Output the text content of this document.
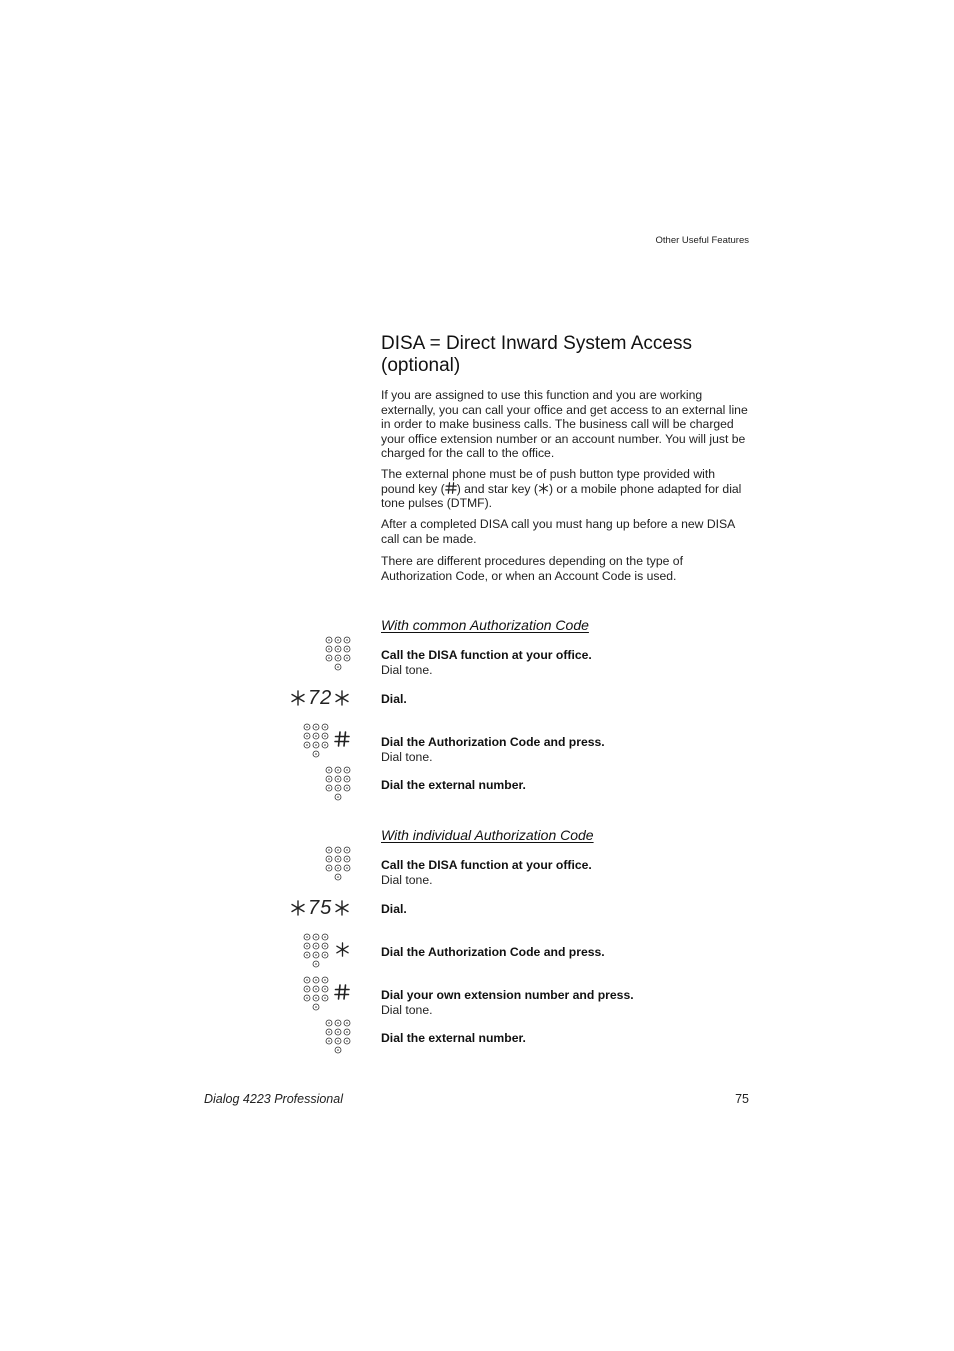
Other Useful Features
DISA = Direct Inward System Access (optional)

If you are assigned to use this function and you are working externally, you can call your office and get access to an external line in order to make business calls. The business call will be charged your office extension number or an account number. You will just be charged for the call to the office.

The external phone must be of push button type provided with pound key ( ) and star key ( ) or a mobile phone adapted for dial tone pulses (DTMF).

After a completed DISA call you must hang up before a new DISA call can be made.

There are different procedures depending on the type of Authorization Code, or when an Account Code is used.

With common Authorization Code
Call the DISA function at your office.
Dial tone.
72	Dial.
Dial the Authorization Code and press.
Dial tone.
Dial the external number.
With individual Authorization Code
Call the DISA function at your office.
Dial tone.
75	Dial.
Dial the Authorization Code and press.
Dial your own extension number and press.
Dial tone.
Dial the external number.
Dialog 4223 Professional	75
